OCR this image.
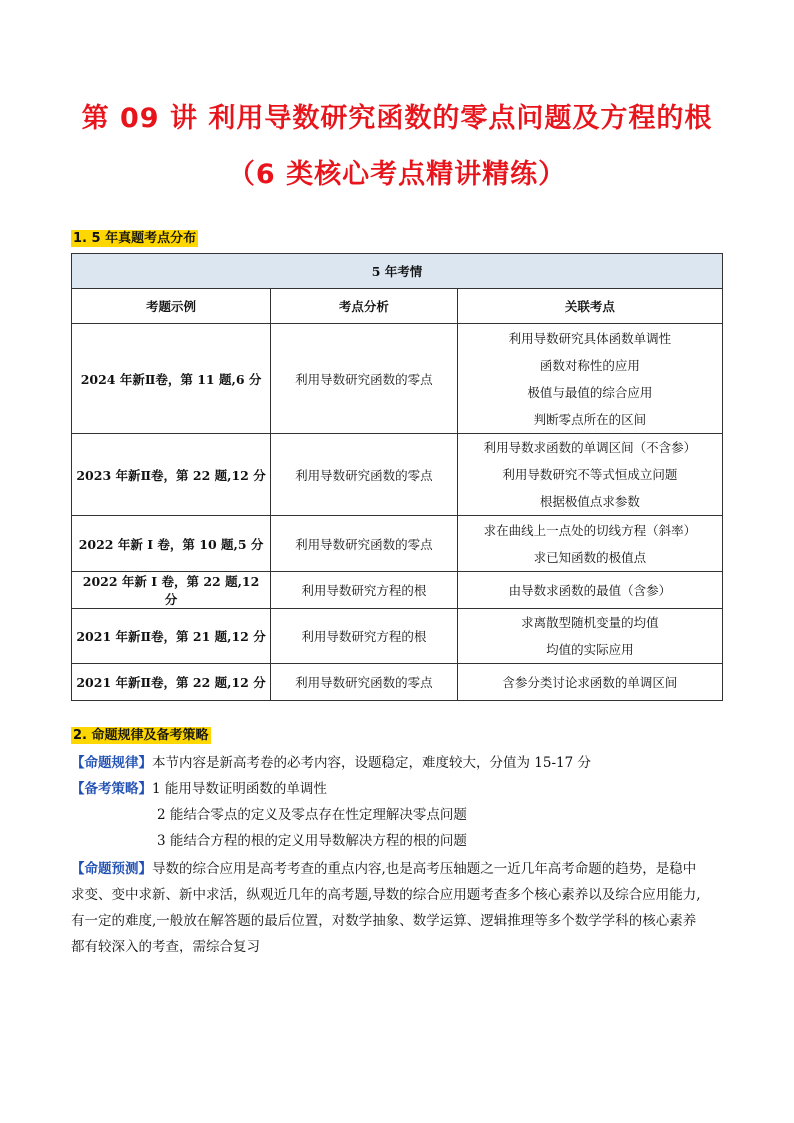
第 09 讲 利用导数研究函数的零点问题及方程的根
（6 类核心考点精讲精练）
1. 5 年真题考点分布
5 年考情		
考题示例	考点分析	关联考点
2024 年新Ⅱ卷，第 11 题,6 分	利用导数研究函数的零点	利用导数研究具体函数单调性
函数对称性的应用
极值与最值的综合应用
判断零点所在的区间

2023 年新Ⅱ卷，第 22 题,12 分	利用导数研究函数的零点	利用导数求函数的单调区间（不含参）
利用导数研究不等式恒成立问题
根据极值点求参数

2022 年新 I 卷，第 10 题,5 分	利用导数研究函数的零点	求在曲线上一点处的切线方程（斜率）
求已知函数的极值点

2022 年新 I 卷，第 22 题,12 分	利用导数研究方程的根	由导数求函数的最值（含参）

2021 年新Ⅱ卷，第 21 题,12 分	利用导数研究方程的根	求离散型随机变量的均值
均值的实际应用

2021 年新Ⅱ卷，第 22 题,12 分	利用导数研究函数的零点	含参分类讨论求函数的单调区间
2. 命题规律及备考策略
【命题规律】本节内容是新高考卷的必考内容，设题稳定，难度较大，分值为 15-17 分
【备考策略】1 能用导数证明函数的单调性
2 能结合零点的定义及零点存在性定理解决零点问题
3 能结合方程的根的定义用导数解决方程的根的问题
【命题预测】导数的综合应用是高考考查的重点内容,也是高考压轴题之一近几年高考命题的趋势，是稳中
求变、变中求新、新中求活，纵观近几年的高考题,导数的综合应用题考查多个核心素养以及综合应用能力,
有一定的难度,一般放在解答题的最后位置，对数学抽象、数学运算、逻辑推理等多个数学学科的核心素养
都有较深入的考查，需综合复习
